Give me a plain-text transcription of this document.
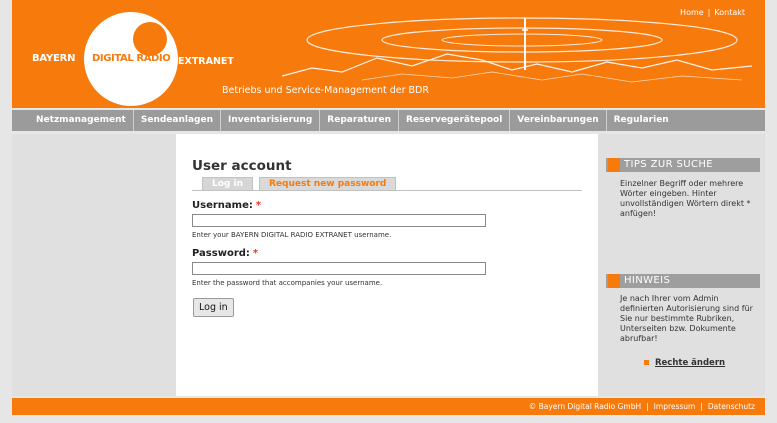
BAYERN DIGITAL RADIO EXTRANET
Betriebs und Service-Management der BDR
Home | Kontakt
Netzmanagement	Sendeanlagen	Inventarisierung	Reparaturen	Reservegerätepool	Vereinbarungen	Regularien
User account
Log in	Request new password
Username: *
Enter your BAYERN DIGITAL RADIO EXTRANET username.
Password: *
Enter the password that accompanies your username.
Log in
TIPS ZUR SUCHE
Einzelner Begriff oder mehrere Wörter eingeben. Hinter unvollständigen Wörtern direkt * anfügen!
HINWEIS
Je nach Ihrer vom Admin definierten Autorisierung sind für Sie nur bestimmte Rubriken, Unterseiten bzw. Dokumente abrufbar!
Rechte ändern
© Bayern Digital Radio GmbH | Impressum | Datenschutz
